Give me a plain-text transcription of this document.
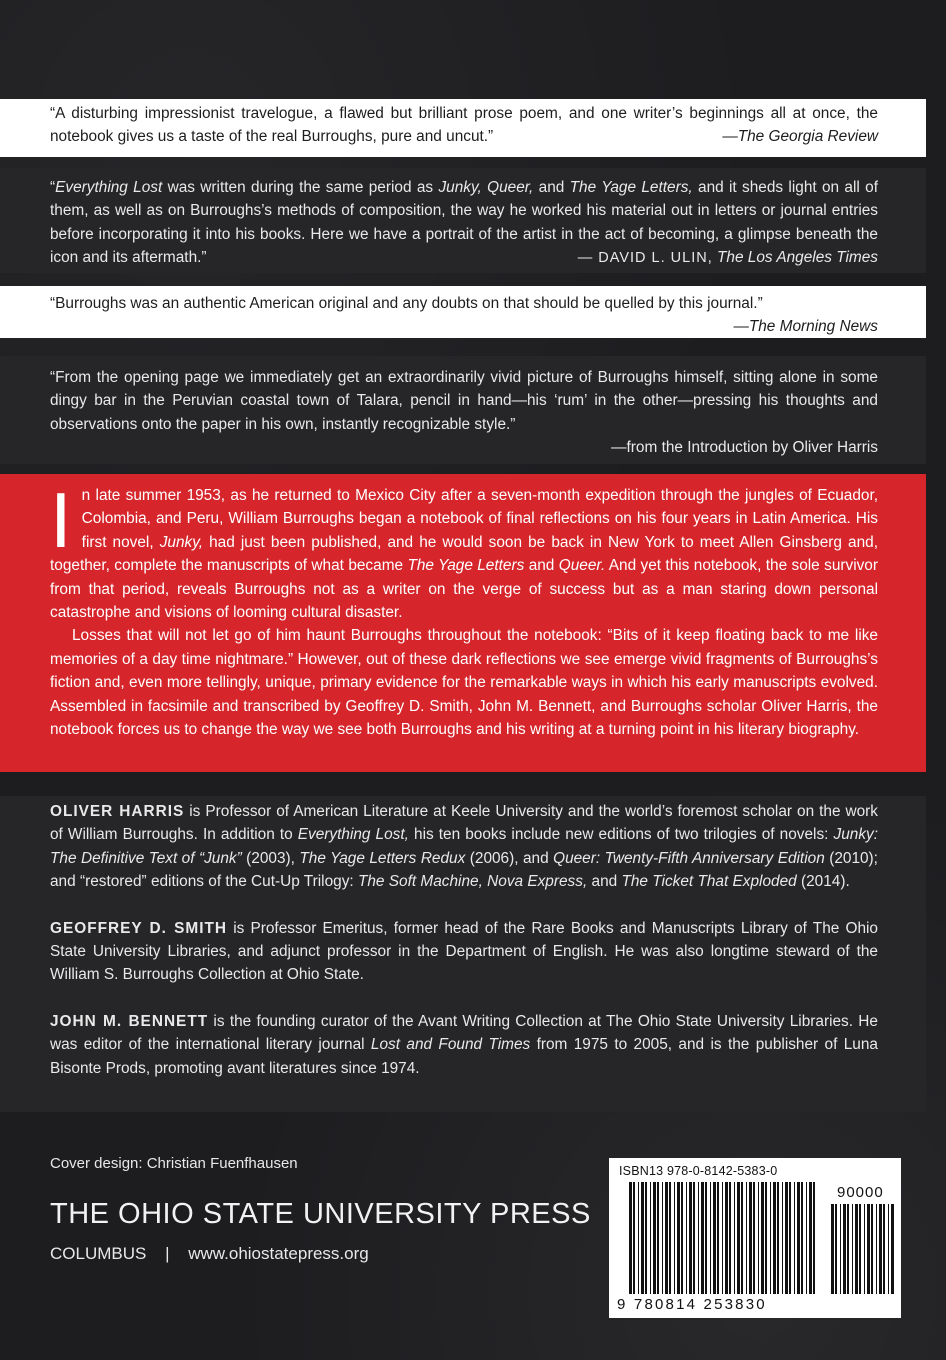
“A disturbing impressionist travelogue, a flawed but brilliant prose poem, and one writer’s beginnings all at once, the notebook gives us a taste of the real Burroughs, pure and uncut.”	—The Georgia Review
“Everything Lost was written during the same period as Junky, Queer, and The Yage Letters, and it sheds light on all of them, as well as on Burroughs’s methods of composition, the way he worked his material out in letters or journal entries before incorporating it into his books. Here we have a portrait of the artist in the act of becoming, a glimpse beneath the icon and its aftermath.”	— DAVID L. ULIN, The Los Angeles Times
“Burroughs was an authentic American original and any doubts on that should be quelled by this journal.”
—The Morning News
“From the opening page we immediately get an extraordinarily vivid picture of Burroughs himself, sitting alone in some dingy bar in the Peruvian coastal town of Talara, pencil in hand—his ‘rum’ in the other—pressing his thoughts and observations onto the paper in his own, instantly recognizable style.”
—from the Introduction by Oliver Harris

In late summer 1953, as he returned to Mexico City after a seven-month expedition through the jungles of Ecuador, Colombia, and Peru, William Burroughs began a notebook of final reflections on his four years in Latin America. His first novel, Junky, had just been published, and he would soon be back in New York to meet Allen Ginsberg and, together, complete the manuscripts of what became The Yage Letters and Queer. And yet this notebook, the sole survivor from that period, reveals Burroughs not as a writer on the verge of success but as a man staring down personal catastrophe and visions of looming cultural disaster.

Losses that will not let go of him haunt Burroughs throughout the notebook: “Bits of it keep floating back to me like memories of a day time nightmare.” However, out of these dark reflections we see emerge vivid fragments of Burroughs’s fiction and, even more tellingly, unique, primary evidence for the remarkable ways in which his early manuscripts evolved. Assembled in facsimile and transcribed by Geoffrey D. Smith, John M. Bennett, and Burroughs scholar Oliver Harris, the notebook forces us to change the way we see both Burroughs and his writing at a turning point in his literary biography.

OLIVER HARRIS is Professor of American Literature at Keele University and the world’s foremost scholar on the work of William Burroughs. In addition to Everything Lost, his ten books include new editions of two trilogies of novels: Junky: The Definitive Text of “Junk” (2003), The Yage Letters Redux (2006), and Queer: Twenty-Fifth Anniversary Edition (2010); and “restored” editions of the Cut-Up Trilogy: The Soft Machine, Nova Express, and The Ticket That Exploded (2014).

GEOFFREY D. SMITH is Professor Emeritus, former head of the Rare Books and Manuscripts Library of The Ohio State University Libraries, and adjunct professor in the Department of English. He was also longtime steward of the William S. Burroughs Collection at Ohio State.

JOHN M. BENNETT is the founding curator of the Avant Writing Collection at The Ohio State University Libraries. He was editor of the international literary journal Lost and Found Times from 1975 to 2005, and is the publisher of Luna Bisonte Prods, promoting avant literatures since 1974.

Cover design: Christian Fuenfhausen
THE OHIO STATE UNIVERSITY PRESS
COLUMBUS | www.ohiostatepress.org
ISBN13 978-0-8142-5383-0
90000
9 780814 253830
